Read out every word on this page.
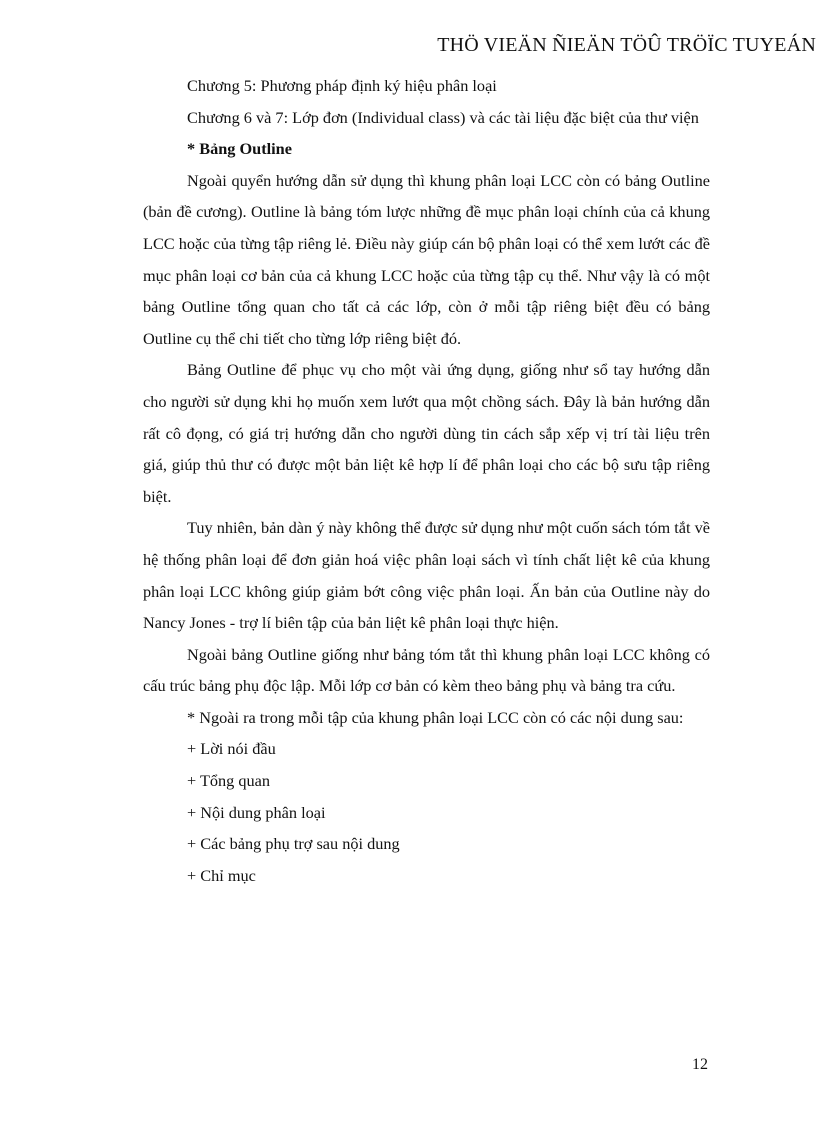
THÖ VIEÄN ÑIEÄN TÖÛ TRÖÏC TUYEÁN

Chương 5: Phương pháp định ký hiệu phân loại

Chương 6 và 7: Lớp đơn (Individual class) và các tài liệu đặc biệt của thư viện

* Bảng Outline

Ngoài quyển hướng dẫn sử dụng thì khung phân loại LCC còn có bảng Outline (bản đề cương). Outline là bảng tóm lược những đề mục phân loại chính của cả khung LCC hoặc của từng tập riêng lẻ. Điều này giúp cán bộ phân loại có thể xem lướt các đề mục phân loại cơ bản của cả khung LCC hoặc của từng tập cụ thể. Như vậy là có một bảng Outline tổng quan cho tất cả các lớp, còn ở mỗi tập riêng biệt đều có bảng Outline cụ thể chi tiết cho từng lớp riêng biệt đó.

Bảng Outline để phục vụ cho một vài ứng dụng, giống như sổ tay hướng dẫn cho người sử dụng khi họ muốn xem lướt qua một chồng sách. Đây là bản hướng dẫn rất cô đọng, có giá trị hướng dẫn cho người dùng tin cách sắp xếp vị trí tài liệu trên giá, giúp thủ thư có được một bản liệt kê hợp lí để phân loại cho các bộ sưu tập riêng biệt.

Tuy nhiên, bản dàn ý này không thể được sử dụng như một cuốn sách tóm tắt về hệ thống phân loại để đơn giản hoá việc phân loại sách vì tính chất liệt kê của khung phân loại LCC không giúp giảm bớt công việc phân loại. Ấn bản của Outline này do Nancy Jones - trợ lí biên tập của bản liệt kê phân loại thực hiện.

Ngoài bảng Outline giống như bảng tóm tắt thì khung phân loại LCC không có cấu trúc bảng phụ độc lập. Mỗi lớp cơ bản có kèm theo bảng phụ và bảng tra cứu.

* Ngoài ra trong mỗi tập của khung phân loại LCC còn có các nội dung sau:

+ Lời nói đầu

+ Tổng quan

+ Nội dung phân loại

+ Các bảng phụ trợ sau nội dung

+ Chỉ mục

12
